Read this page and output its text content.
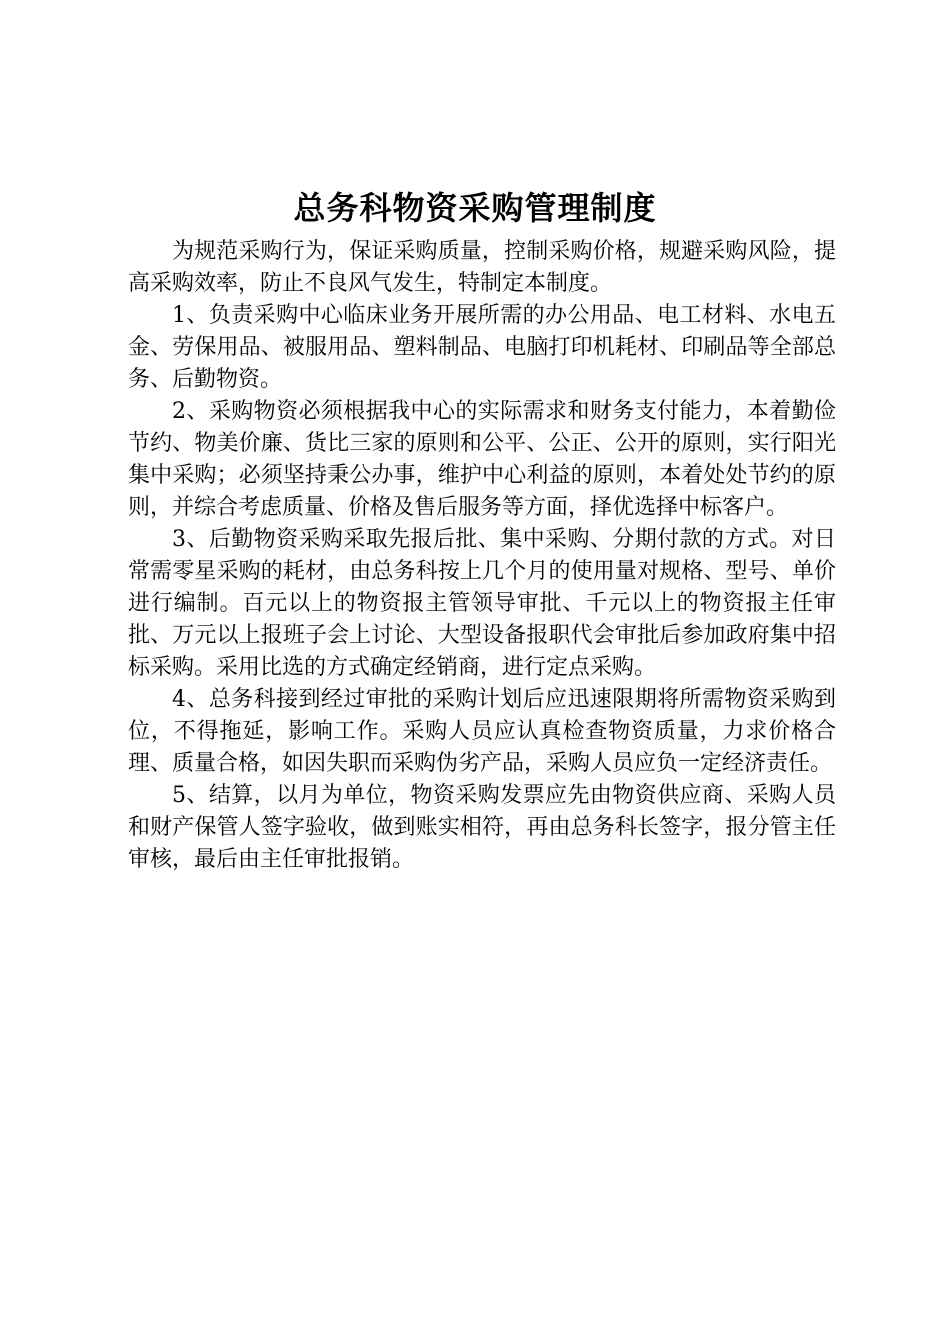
总务科物资采购管理制度

为规范采购行为，保证采购质量，控制采购价格，规避采购风险，提高采购效率，防止不良风气发生，特制定本制度。

1、负责采购中心临床业务开展所需的办公用品、电工材料、水电五金、劳保用品、被服用品、塑料制品、电脑打印机耗材、印刷品等全部总务、后勤物资。

2、采购物资必须根据我中心的实际需求和财务支付能力，本着勤俭节约、物美价廉、货比三家的原则和公平、公正、公开的原则，实行阳光集中采购；必须坚持秉公办事，维护中心利益的原则，本着处处节约的原则，并综合考虑质量、价格及售后服务等方面，择优选择中标客户。

3、后勤物资采购采取先报后批、集中采购、分期付款的方式。对日常需零星采购的耗材，由总务科按上几个月的使用量对规格、型号、单价进行编制。百元以上的物资报主管领导审批、千元以上的物资报主任审批、万元以上报班子会上讨论、大型设备报职代会审批后参加政府集中招标采购。采用比选的方式确定经销商，进行定点采购。

4、总务科接到经过审批的采购计划后应迅速限期将所需物资采购到位，不得拖延，影响工作。采购人员应认真检查物资质量，力求价格合理、质量合格，如因失职而采购伪劣产品，采购人员应负一定经济责任。

5、结算，以月为单位，物资采购发票应先由物资供应商、采购人员和财产保管人签字验收，做到账实相符，再由总务科长签字，报分管主任审核，最后由主任审批报销。
